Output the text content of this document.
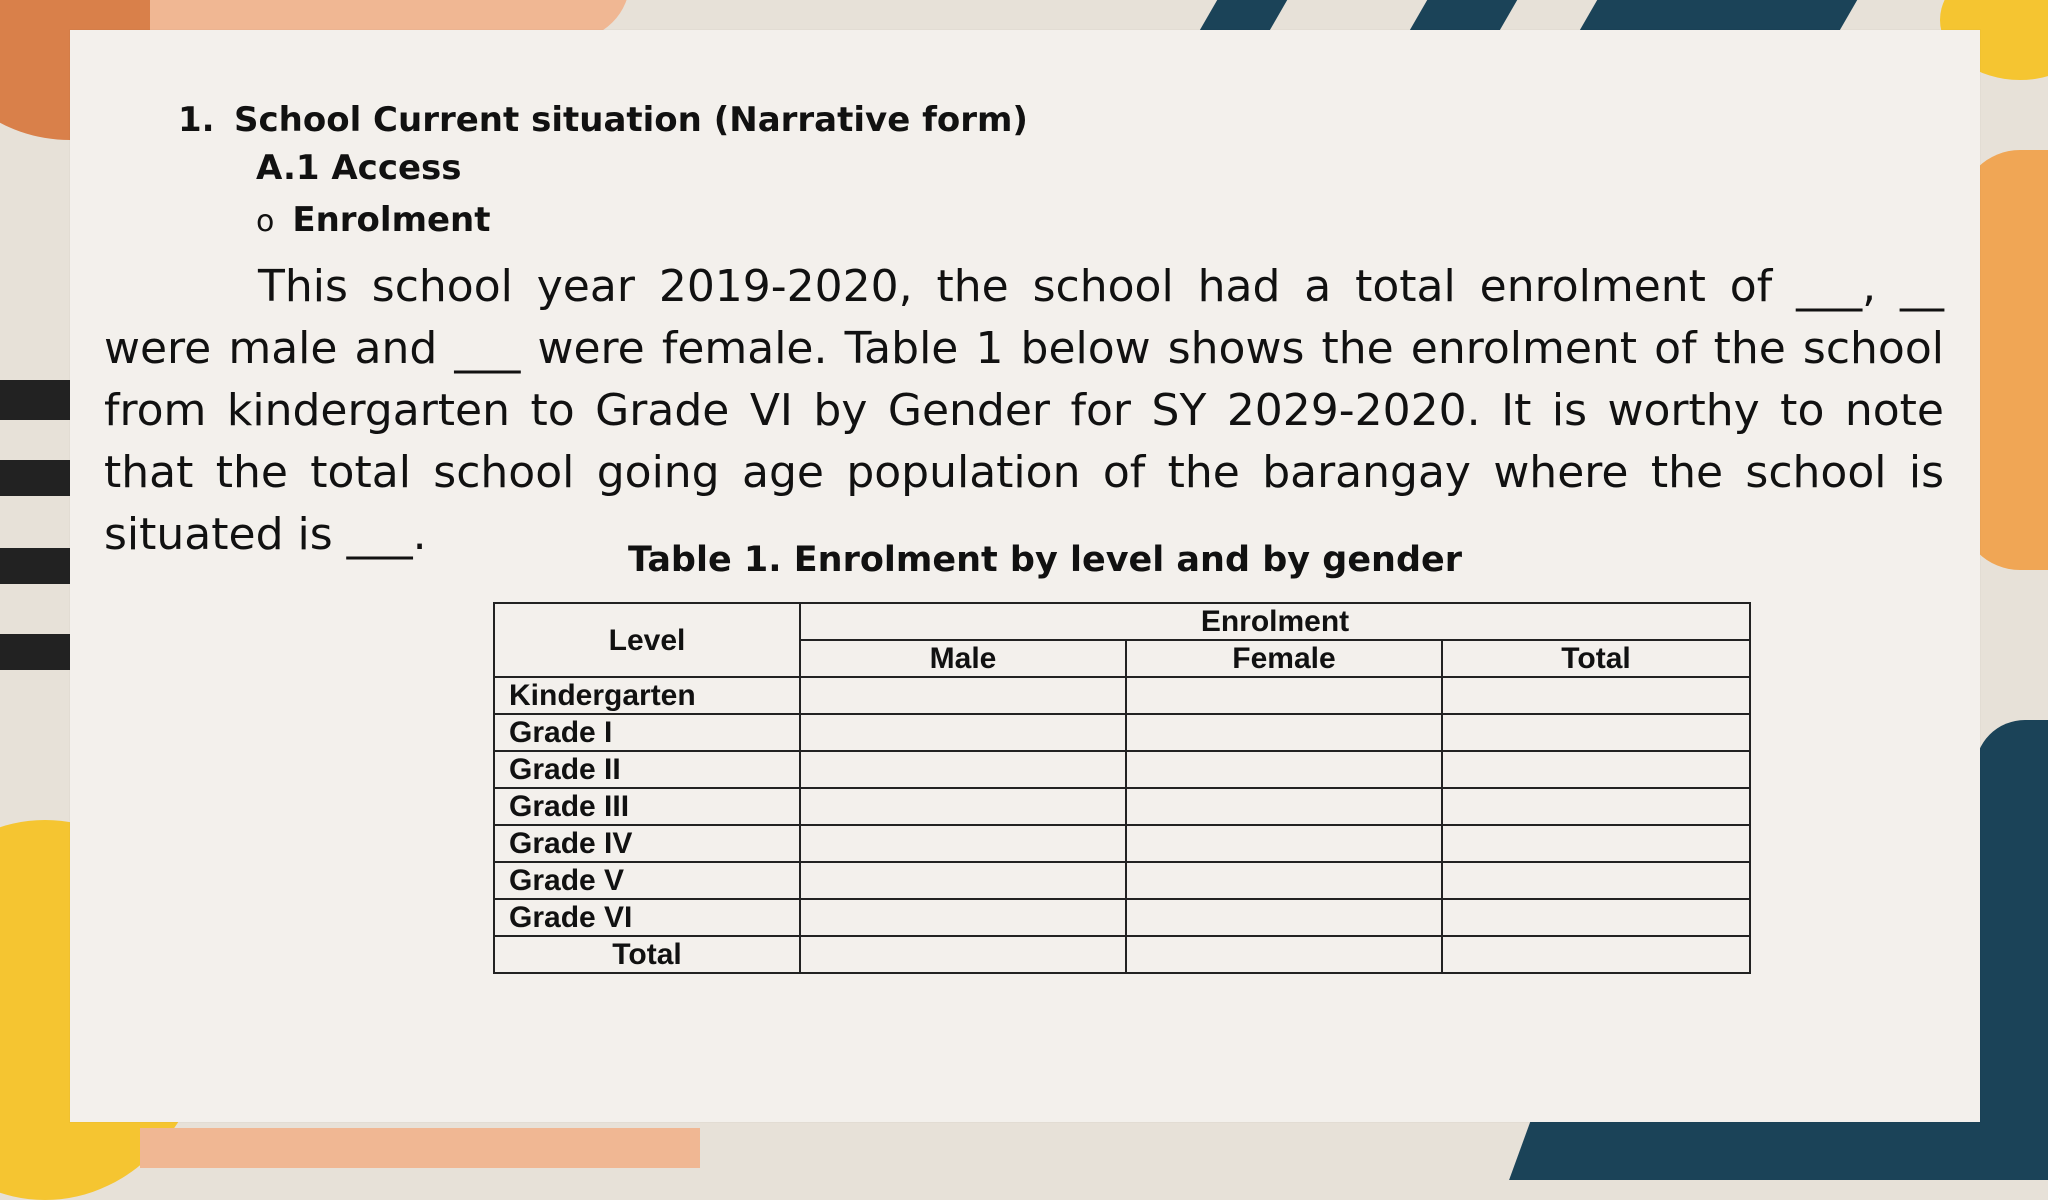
1. School Current situation (Narrative form)
A.1 Access
o Enrolment

This school year 2019-2020, the school had a total enrolment of ___, __ were male and ___ were female. Table 1 below shows the enrolment of the school from kindergarten to Grade VI by Gender for SY 2029-2020. It is worthy to note that the total school going age population of the barangay where the school is situated is ___.	Table 1. Enrolment by level and by gender

Level	Enrolment		
	Male	Female	Total
Kindergarten			
Grade I			
Grade II			
Grade III			
Grade IV			
Grade V			
Grade VI			
Total			
